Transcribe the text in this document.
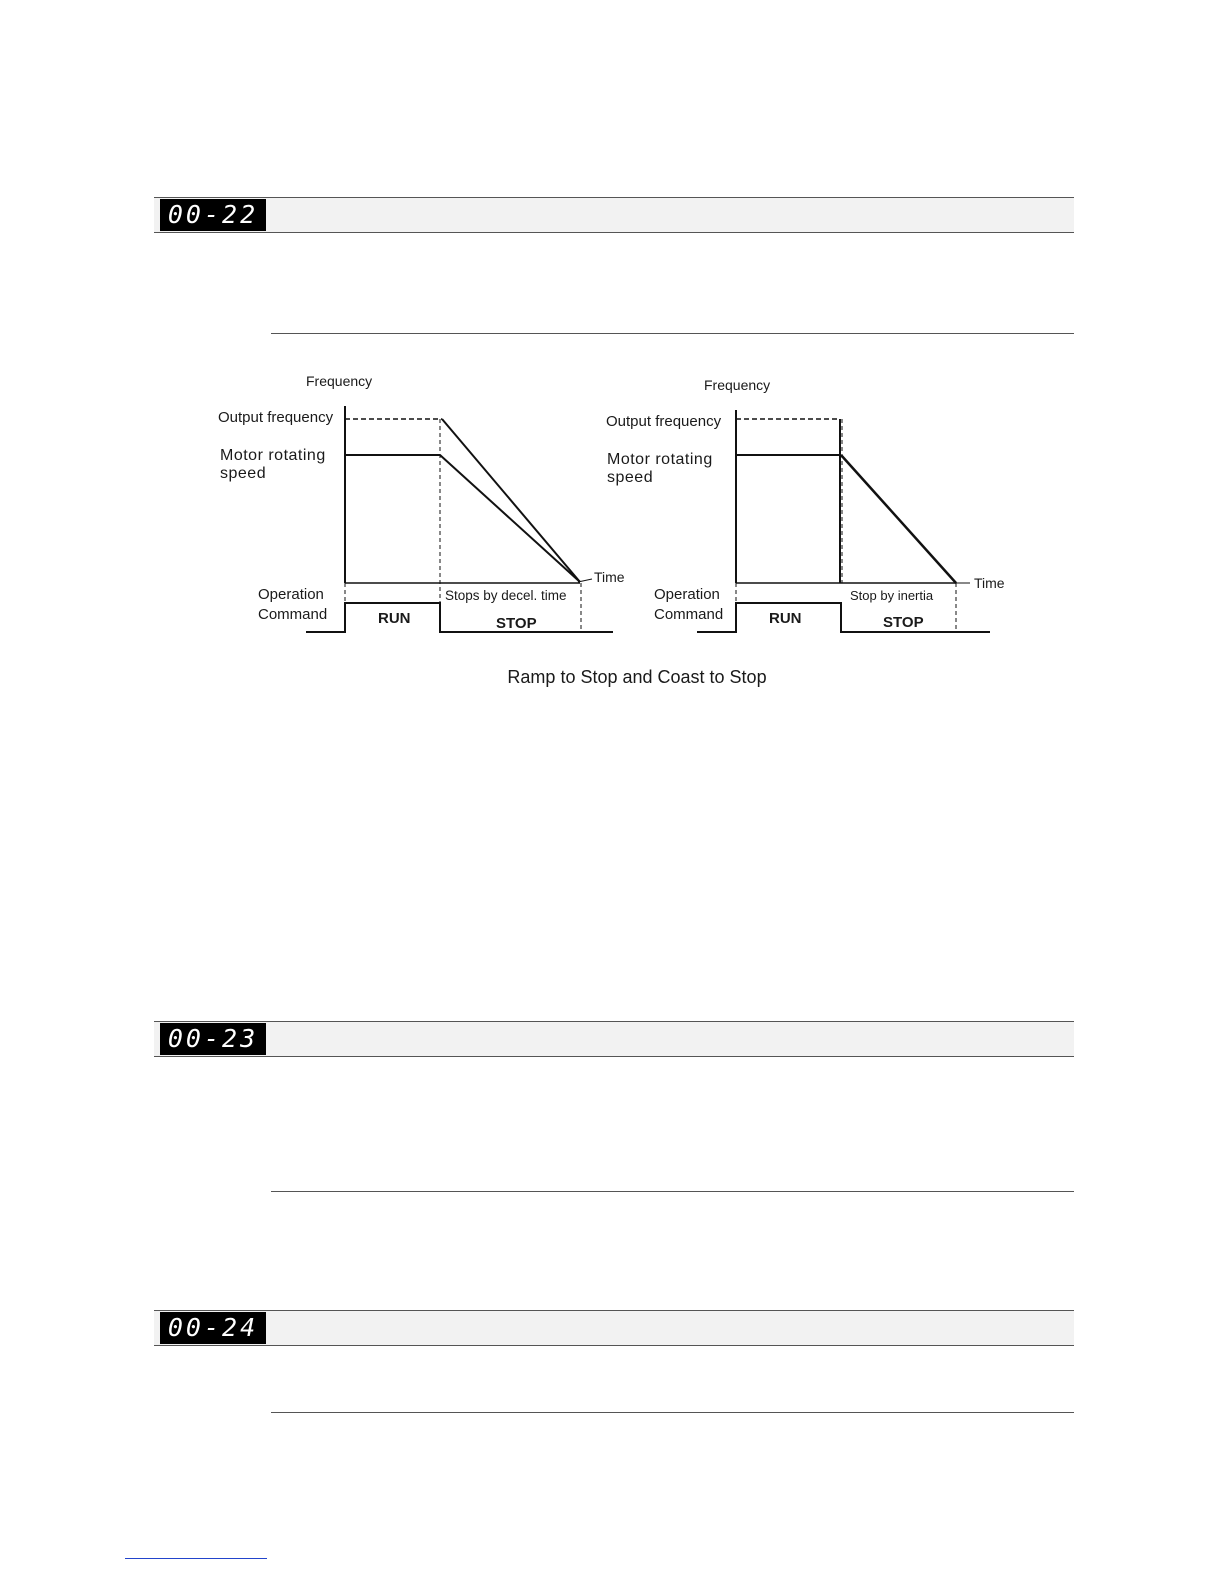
00-22
Frequency
Output frequency
Motor rotating
speed
Time
Operation
Command	RUN	STOP
Stops by decel. time
Frequency
Output frequency
Motor rotating
speed
Time
Operation
Command	RUN	STOP
Stop by inertia
Ramp to Stop and Coast to Stop
00-23
00-24
